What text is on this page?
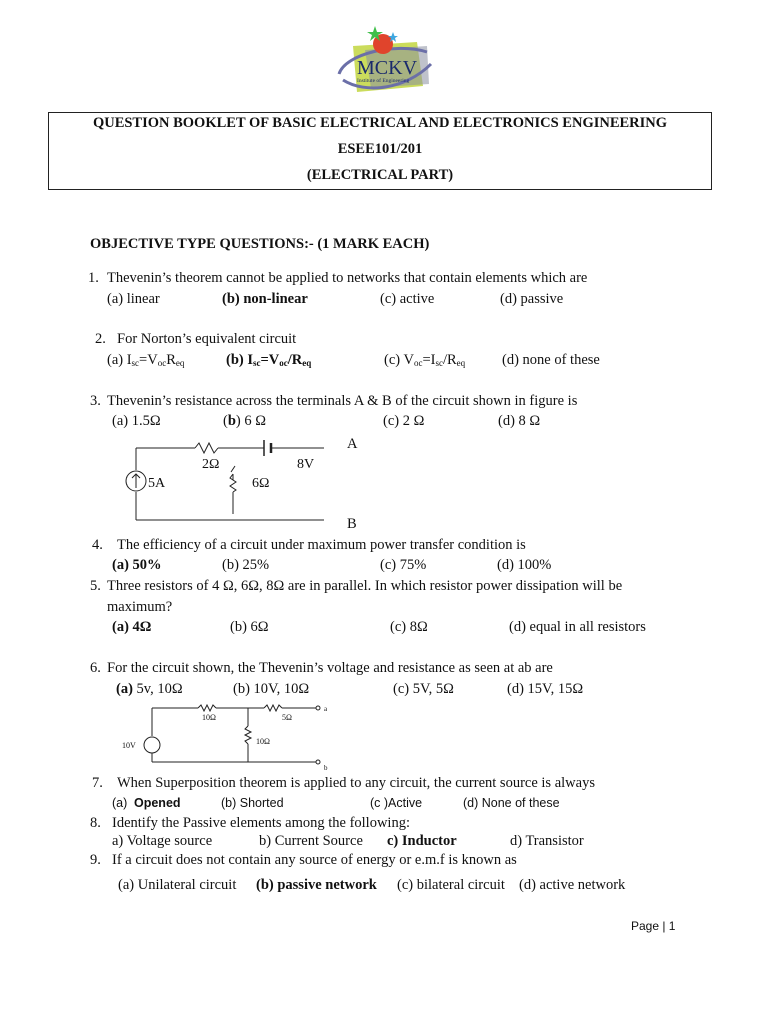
MCKV
Institute of Engineering
QUESTION BOOKLET OF BASIC ELECTRICAL AND ELECTRONICS ENGINEERING
ESEE101/201
(ELECTRICAL PART)
OBJECTIVE TYPE QUESTIONS:- (1 MARK EACH)
1. Thevenin’s theorem cannot be applied to networks that contain elements which are
(a) linear	(b) non-linear	(c) active	(d) passive
2. For Norton’s equivalent circuit
(a) $I_{sc}=V_{oc}R_{eq}$	(b) $I_{sc}=V_{oc}/R_{eq}$	(c) $V_{oc}=I_{sc}/R_{eq}$	(d) none of these
3. Thevenin’s resistance across the terminals A & B of the circuit shown in figure is
(a) 1.5Ω	(b) 6 Ω	(c) 2 Ω	(d) 8 Ω
2Ω	8V
6Ω
5A
A
B
4. The efficiency of a circuit under maximum power transfer condition is
(a) 50%	(b) 25%	(c) 75%	(d) 100%
5. Three resistors of 4 Ω, 6Ω, 8Ω are in parallel. In which resistor power dissipation will be
maximum?
(a) 4Ω	(b) 6Ω	(c) 8Ω	(d) equal in all resistors
6. For the circuit shown, the Thevenin’s voltage and resistance as seen at ab are
(a) 5v, 10Ω	(b) 10V, 10Ω	(c) 5V, 5Ω	(d) 15V, 15Ω
10Ω	5Ω
10Ω
10V
a
b
7. When Superposition theorem is applied to any circuit, the current source is always
(a) Opened	(b) Shorted	(c )Active	(d) None of these
8. Identify the Passive elements among the following:
a) Voltage source	b) Current Source c) Inductor	d) Transistor
9. If a circuit does not contain any source of energy or e.m.f is known as
(a) Unilateral circuit (b) passive network (c) bilateral circuit (d) active network
Page | 1
